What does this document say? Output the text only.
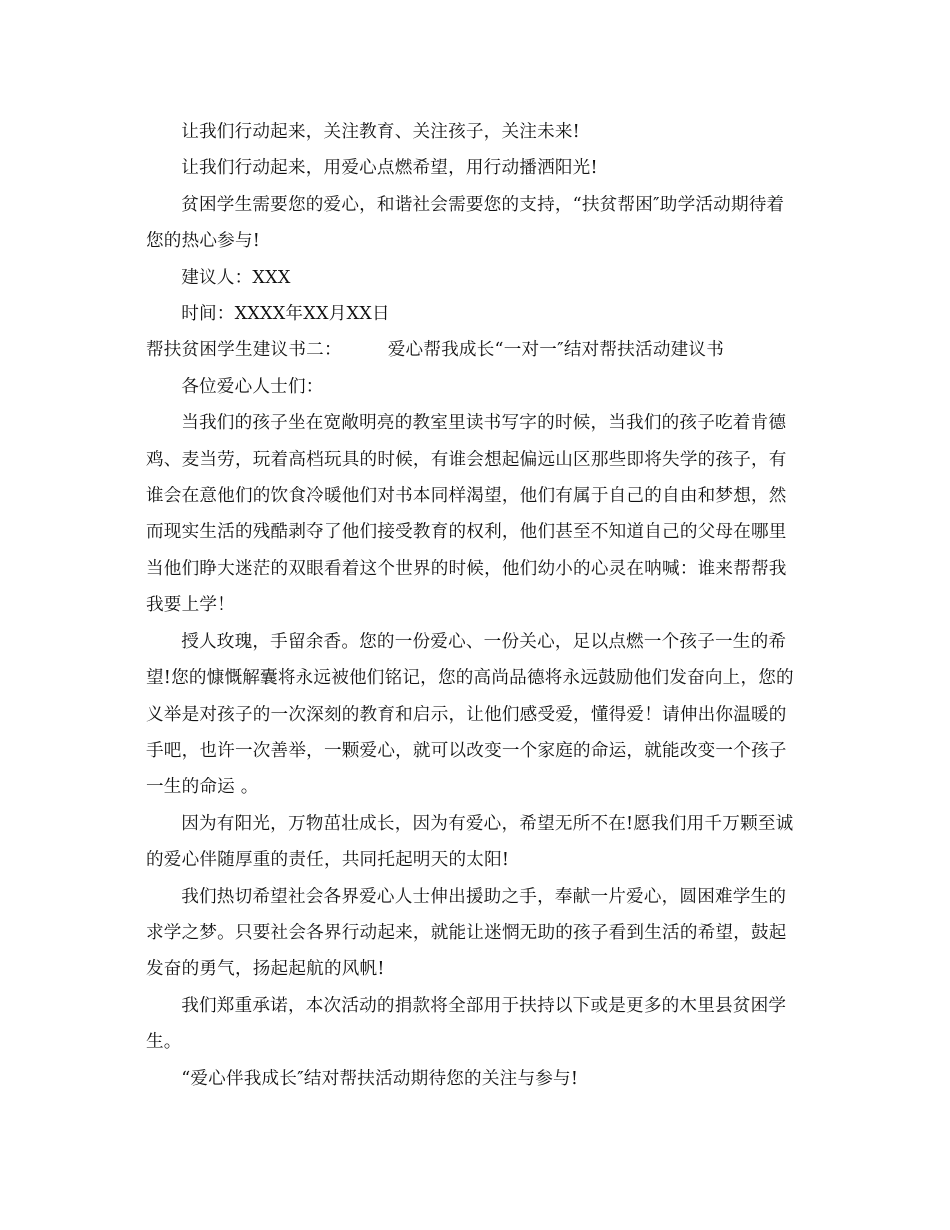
让我们行动起来，关注教育、关注孩子，关注未来!

让我们行动起来，用爱心点燃希望，用行动播洒阳光!

贫困学生需要您的爱心，和谐社会需要您的支持，“扶贫帮困″助学活动期待着您的热心参与!

建议人：XXX

时间：XXXX年XX月XX日

帮扶贫困学生建议书二：	爱心帮我成长“一对一″结对帮扶活动建议书

各位爱心人士们：

当我们的孩子坐在宽敞明亮的教室里读书写字的时候，当我们的孩子吃着肯德鸡、麦当劳，玩着高档玩具的时候，有谁会想起偏远山区那些即将失学的孩子，有谁会在意他们的饮食冷暖他们对书本同样渴望，他们有属于自己的自由和梦想，然而现实生活的残酷剥夺了他们接受教育的权利，他们甚至不知道自己的父母在哪里当他们睁大迷茫的双眼看着这个世界的时候，他们幼小的心灵在呐喊：谁来帮帮我我要上学！

授人玫瑰，手留余香。您的一份爱心、一份关心，足以点燃一个孩子一生的希望!您的慷慨解囊将永远被他们铭记，您的高尚品德将永远鼓励他们发奋向上，您的义举是对孩子的一次深刻的教育和启示，让他们感受爱，懂得爱！请伸出你温暖的手吧，也许一次善举，一颗爱心，就可以改变一个家庭的命运，就能改变一个孩子一生的命运 。

因为有阳光，万物茁壮成长，因为有爱心，希望无所不在!愿我们用千万颗至诚的爱心伴随厚重的责任，共同托起明天的太阳!

我们热切希望社会各界爱心人士伸出援助之手，奉献一片爱心，圆困难学生的求学之梦。只要社会各界行动起来，就能让迷惘无助的孩子看到生活的希望，鼓起发奋的勇气，扬起起航的风帆!

我们郑重承诺，本次活动的捐款将全部用于扶持以下或是更多的木里县贫困学生。

“爱心伴我成长″结对帮扶活动期待您的关注与参与!
